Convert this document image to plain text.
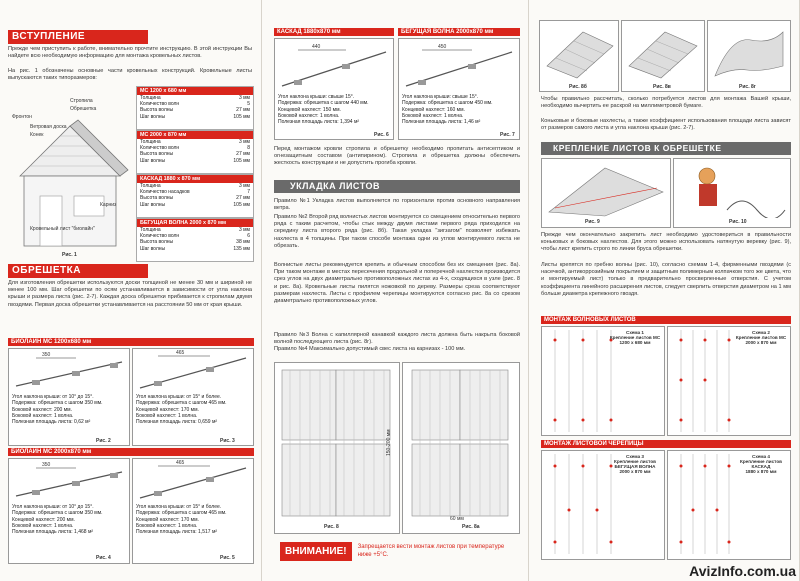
ВСТУПЛЕНИЕ
Прежде чем приступить к работе, внимательно прочтите инструкцию. В этой инструкции Вы найдете всю необходимую информацию для монтажа кровельных листов.
На рис. 1 обозначены основные части кровельных конструкций. Кровельные листы выпускаются таких типоразмеров:
Стропила
Обрешетка
Фронтон
Ветровая доска
Конек
Карниз
Кровельный лист "биолайн"
Рис. 1
МС 1200 x 680 мм
Толщина	3 мм
Количество волн	5
Высота волны	27 мм
Шаг волны	105 мм
МС 2000 x 870 мм
Толщина	3 мм
Количество волн	8
Высота волны	27 мм
Шаг волны	105 мм
КАСКАД 1880 x 870 мм
Толщина	3 мм
Количество насадков	7
Высота волны	27 мм
Шаг волны	105 мм
БЕГУЩАЯ ВОЛНА 2000 x 870 мм
Толщина	3 мм
Количество волн	6
Высота волны	38 мм
Шаг волны	135 мм
ОБРЕШЕТКА
Для изготовления обрешетки используются доски толщиной не менее 30 мм и шириной не менее 100 мм. Шаг обрешетки по осям устанавливается в зависимости от угла наклона крыши и размера листа (рис. 2-7). Каждая доска обрешетки прибивается к стропилам двумя гвоздями. Первая доска обрешетки устанавливается на расстоянии 50 мм от края крыши.
БИОЛАЙН МС 1200x680 мм
БИОЛАЙН МС 2000x870 мм
350	465
350	465
Угол наклона крыши: от 10° до 15°.
Подержка: обрешетка с шагом 350 мм.
Боковой нахлест: 200 мм.
Боковой нахлест: 1 волна.
Полезная площадь листа: 0,62 м²
Угол наклона крыши: от 15° и более.
Подержка: обрешетка с шагом 465 мм.
Концевой нахлест: 170 мм.
Боковой нахлест: 1 волна.
Полезная площадь листа: 0,659 м²
Угол наклона крыши: от 10° до 15°.
Подержка: обрешетка с шагом 350 мм.
Концевой нахлест: 200 мм.
Боковой нахлест: 1 волна.
Полезная площадь листа: 1,468 м²
Угол наклона крыши: от 15° и более.
Подержка: обрешетка с шагом 465 мм.
Концевой нахлест: 170 мм.
Боковой нахлест: 1 волна.
Полезная площадь листа: 1,517 м²
Рис. 2	Рис. 3
Рис. 4	Рис. 5
КАСКАД 1880x870 мм	БЕГУЩАЯ ВОЛНА 2000x870 мм
440	450
Угол наклона крыши: свыше 15°.
Подержка: обрешетка с шагом 440 мм.
Концевой нахлест: 150 мм.
Боковой нахлест: 1 волна.
Полезная площадь листа: 1,394 м²
Угол наклона крыши: свыше 15°.
Подержка: обрешетка с шагом 450 мм.
Концевой нахлест: 160 мм.
Боковой нахлест: 1 волна.
Полезная площадь листа: 1,46 м²
Рис. 6	Рис. 7
Перед монтажом кровли стропила и обрешетку необходимо пропитать антисептиком и огнезащитным составом (антипирином). Стропила и обрешетка должны обеспечить жесткость конструкции и не допустить прогиба кровли.
УКЛАДКА ЛИСТОВ
Правило №1 Укладка листов выполняется по горизонтали против основного направления ветра.
Правило №2 Второй ряд волнистых листов монтируется со смещением относительно первого ряда с таким расчетом, чтобы стык между двумя листами первого ряда приходился на середину листа второго ряда (рис. 8б). Такая укладка "зигзагом" позволяет избежать нахлеста в 4 толщины. При таком способе монтажа одни из углов монтируемого листа не обрезать.
Волнистые листы рекомендуется крепить и обычным способом без их смещения (рис. 8а). При таком монтаже в местах пересечения продольной и поперечной нахлестки производится срез углов на двух диаметрально противоположных листах из 4-х, сходящихся в узле (рис. 8 и рис. 8а). Кровельные листы пилятся ножовкой по дереву. Размеры среза соответствуют размерам нахлеста. Листы с профилем черепицы монтируются согласно рис. 8а со срезом диаметрально противоположных углов.
Правило №3 Волна с капиллярной канавкой каждого листа должна быть накрыта боковой волной последующего листа (рис. 8г).
Правило №4 Максимально допустимый свес листа на карнизах - 100 мм.
150-200 мм
60 мм
Рис. 8	Рис. 8а
ВНИМАНИЕ!	Запрещается вести монтаж листов при температуре ниже +5°С.
Рис. 8б	Рис. 8в	Рис. 8г
Чтобы правильно рассчитать, сколько потребуется листов для монтажа Вашей крыши, необходимо вычертить ее раскрой на миллиметровой бумаге.
Коньковые и боковые нахлесты, а также коэффициент использования площади листа зависят от размеров самого листа и угла наклона крыши (рис. 2-7).
КРЕПЛЕНИЕ ЛИСТОВ К ОБРЕШЕТКЕ
Рис. 9	Рис. 10
Прежде чем окончательно закрепить лист необходимо удостовериться в правильности коньковых и боковых нахлестов. Для этого можно использовать натянутую веревку (рис. 9), чтобы лист крепить строго по линии бруса обрешетки.
Листы крепятся по гребню волны (рис. 10), согласно схемам 1-4, фирменными гвоздями (с насечкой, антикоррозийным покрытием и защитным полимерным колпачком того же цвета, что и монтируемый лист) только в предварительно просверленные отверстия. С учетом коэффициента линейного расширения листов, следует сверлить отверстия диаметром на 1 мм больше диаметра крепежного гвоздя.
МОНТАЖ ВОЛНОВЫХ ЛИСТОВ
Схема 1
Крепление листов МС
1200 x 680 мм
Схема 2
Крепление листов МС
2000 x 870 мм
МОНТАЖ ЛИСТОВОЙ ЧЕРЕПИЦЫ
Схема 3
Крепление листов БЕГУЩАЯ ВОЛНА
2000 x 870 мм
Схема 4
Крепление листов КАСКАД
1880 x 870 мм
AvizInfo.com.ua
